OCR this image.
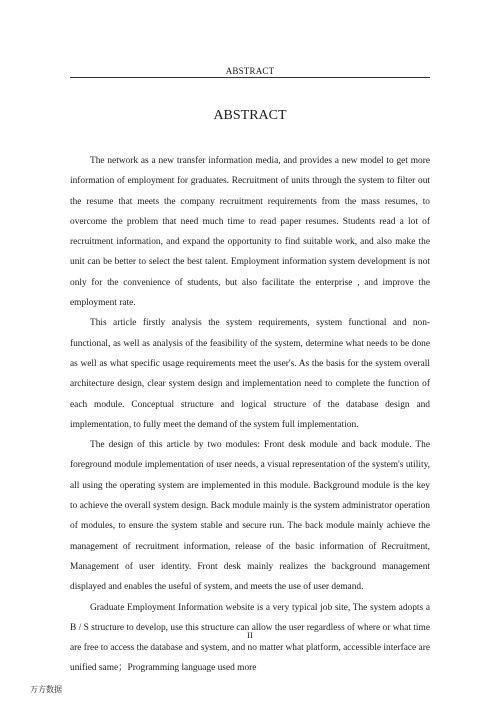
ABSTRACT
ABSTRACT

The network as a new transfer information media, and provides a new model to get more information of employment for graduates. Recruitment of units through the system to filter out the resume that meets the company recruitment requirements from the mass resumes, to overcome the problem that need much time to read paper resumes. Students read a lot of recruitment information, and expand the opportunity to find suitable work, and also make the unit can be better to select the best talent. Employment information system development is not only for the convenience of students, but also facilitate the enterprise , and improve the employment rate.

This article firstly analysis the system requirements, system functional and non-functional, as well as analysis of the feasibility of the system, determine what needs to be done as well as what specific usage requirements meet the user's. As the basis for the system overall architecture design, clear system design and implementation need to complete the function of each module. Conceptual structure and logical structure of the database design and implementation, to fully meet the demand of the system full implementation.

The design of this article by two modules: Front desk module and back module. The foreground module implementation of user needs, a visual representation of the system's utility, all using the operating system are implemented in this module. Background module is the key to achieve the overall system design. Back module mainly is the system administrator operation of modules, to ensure the system stable and secure run. The back module mainly achieve the management of recruitment information, release of the basic information of Recruitment, Management of user identity. Front desk mainly realizes the background management displayed and enables the useful of system, and meets the use of user demand.

Graduate Employment Information website is a very typical job site, The system adopts a B / S structure to develop, use this structure can allow the user regardless of where or what time are free to access the database and system, and no matter what platform, accessible interface are unified same；Programming language used more

II
万方数据
